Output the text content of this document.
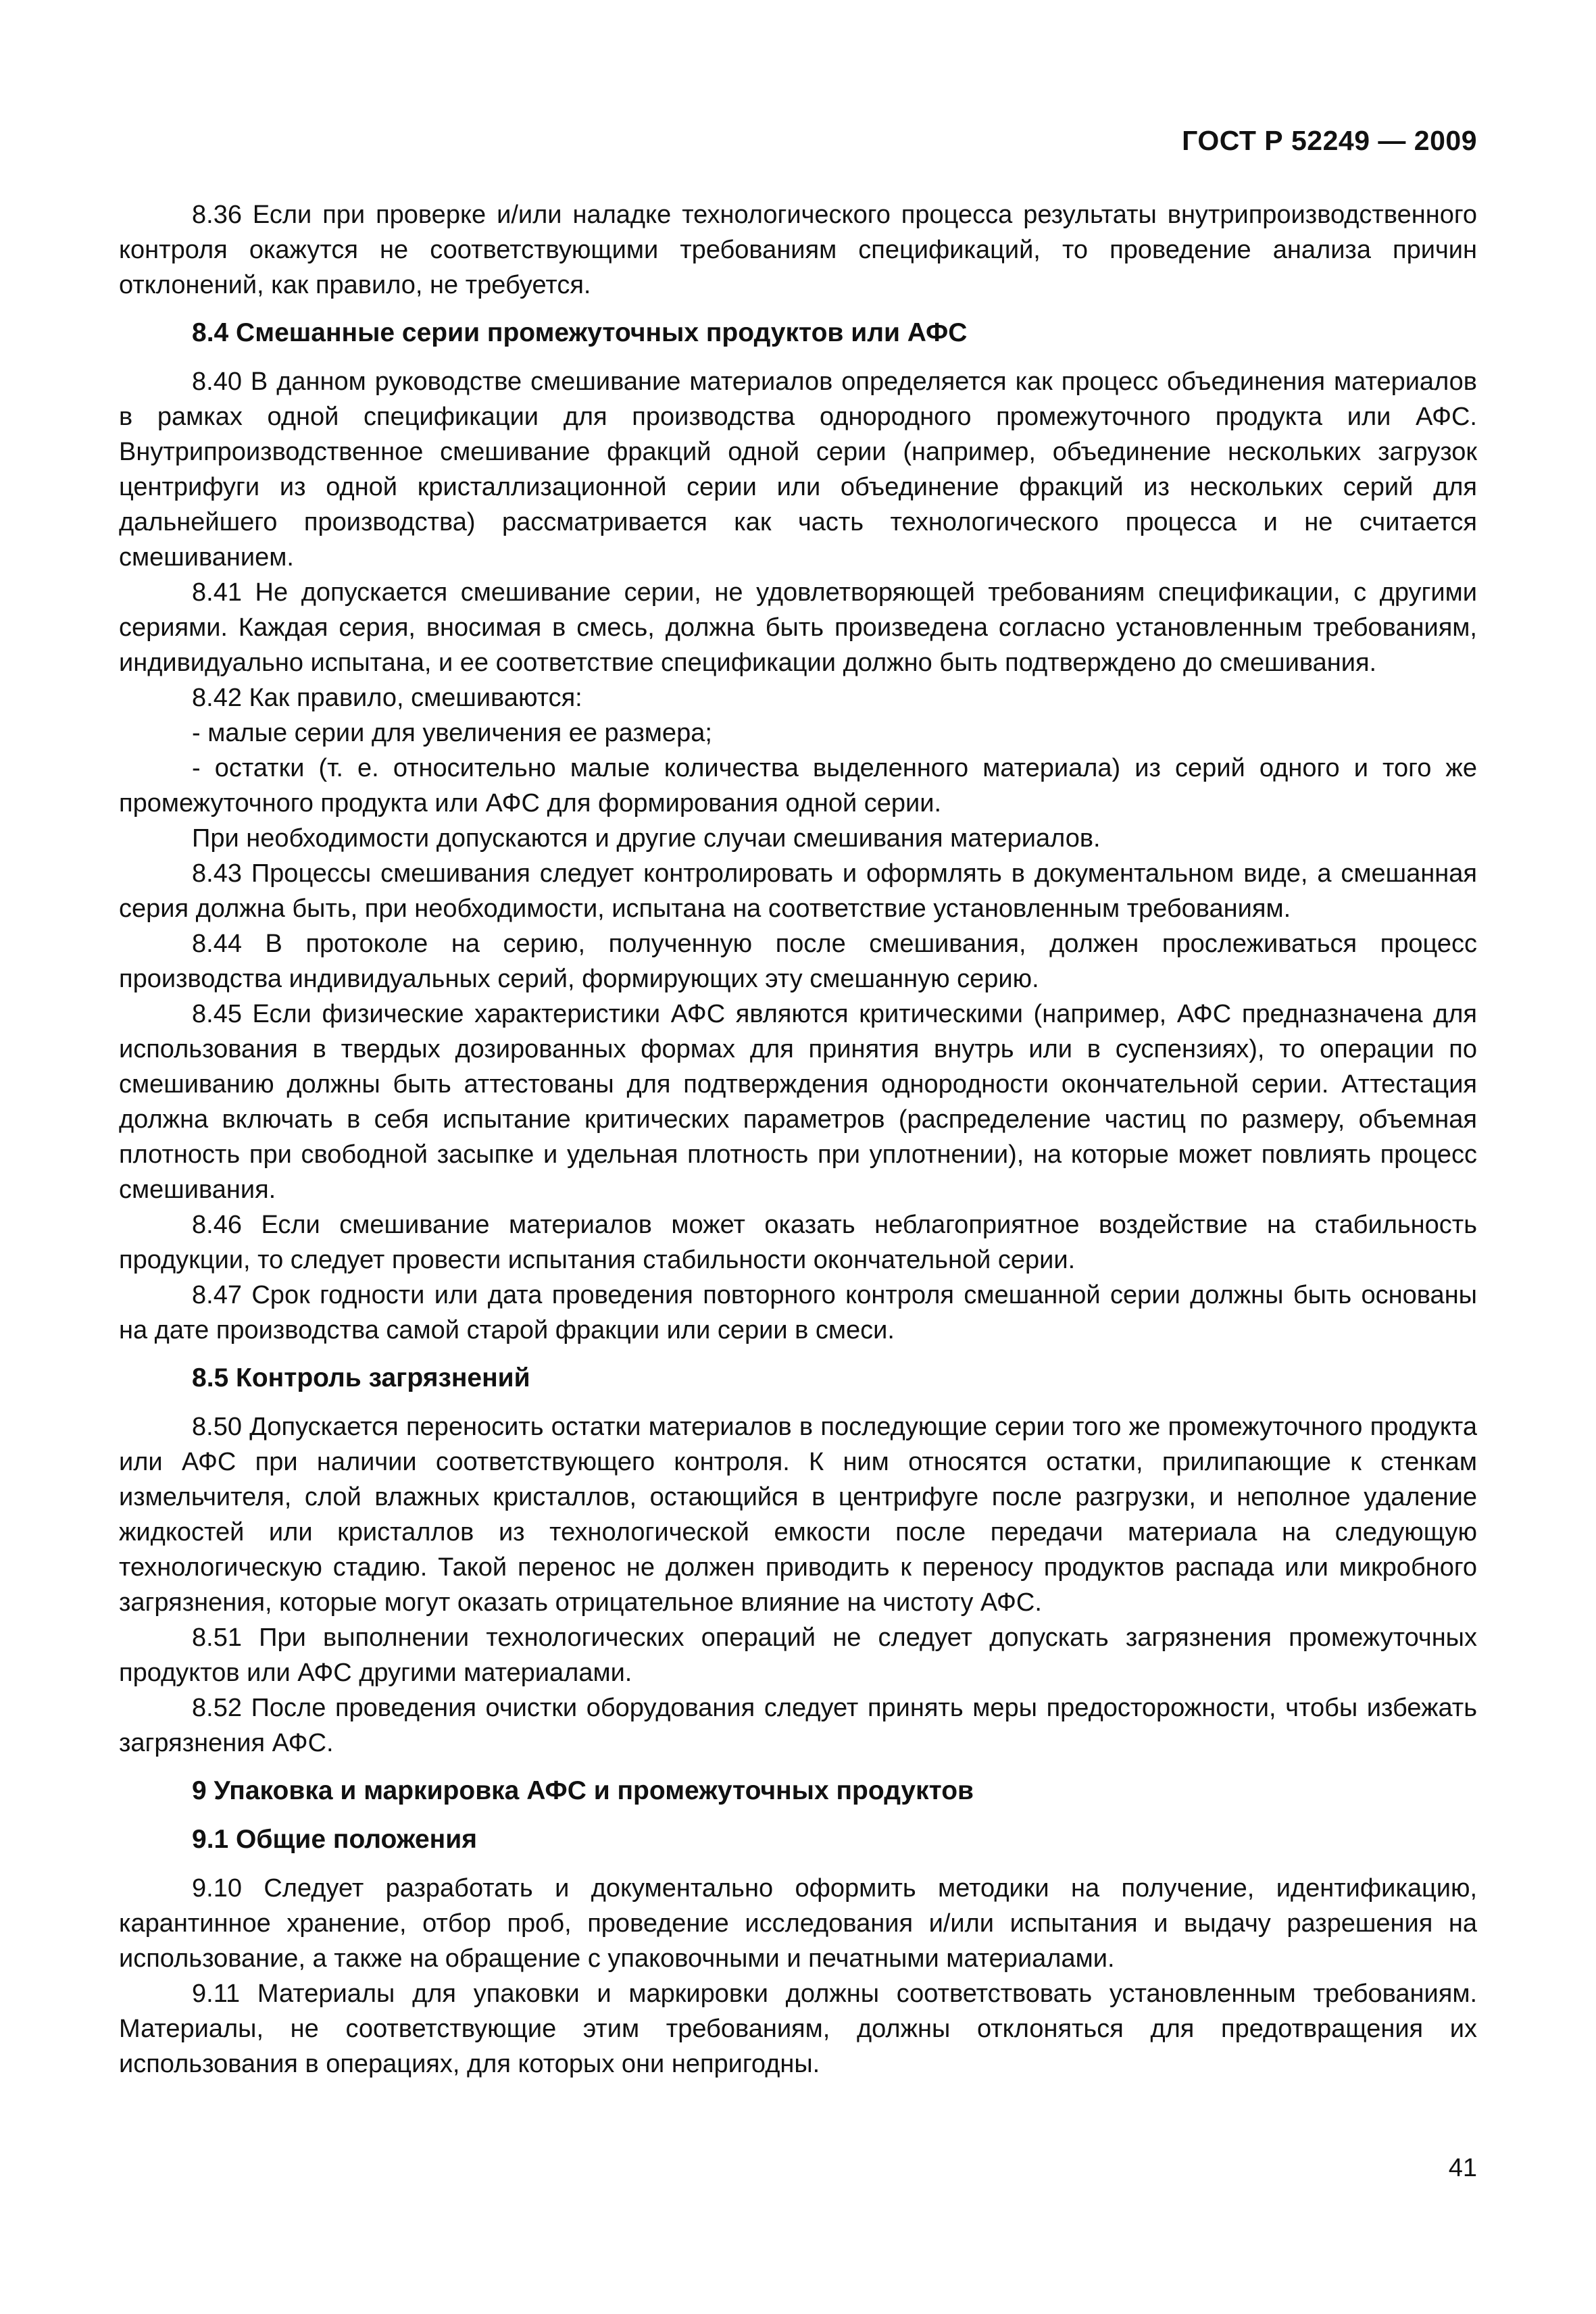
ГОСТ Р 52249 — 2009

8.36 Если при проверке и/или наладке технологического процесса результаты внутрипроизводственного контроля окажутся не соответствующими требованиям спецификаций, то проведение анализа причин отклонений, как правило, не требуется.

8.4 Смешанные серии промежуточных продуктов или АФС

8.40 В данном руководстве смешивание материалов определяется как процесс объединения материалов в рамках одной спецификации для производства однородного промежуточного продукта или АФС. Внутрипроизводственное смешивание фракций одной серии (например, объединение нескольких загрузок центрифуги из одной кристаллизационной серии или объединение фракций из нескольких серий для дальнейшего производства) рассматривается как часть технологического процесса и не считается смешиванием.

8.41 Не допускается смешивание серии, не удовлетворяющей требованиям спецификации, с другими сериями. Каждая серия, вносимая в смесь, должна быть произведена согласно установленным требованиям, индивидуально испытана, и ее соответствие спецификации должно быть подтверждено до смешивания.

8.42 Как правило, смешиваются:

- малые серии для увеличения ее размера;

- остатки (т. е. относительно малые количества выделенного материала) из серий одного и того же промежуточного продукта или АФС для формирования одной серии.

При необходимости допускаются и другие случаи смешивания материалов.

8.43 Процессы смешивания следует контролировать и оформлять в документальном виде, а смешанная серия должна быть, при необходимости, испытана на соответствие установленным требованиям.

8.44 В протоколе на серию, полученную после смешивания, должен прослеживаться процесс производства индивидуальных серий, формирующих эту смешанную серию.

8.45 Если физические характеристики АФС являются критическими (например, АФС предназначена для использования в твердых дозированных формах для принятия внутрь или в суспензиях), то операции по смешиванию должны быть аттестованы для подтверждения однородности окончательной серии. Аттестация должна включать в себя испытание критических параметров (распределение частиц по размеру, объемная плотность при свободной засыпке и удельная плотность при уплотнении), на которые может повлиять процесс смешивания.

8.46 Если смешивание материалов может оказать неблагоприятное воздействие на стабильность продукции, то следует провести испытания стабильности окончательной серии.

8.47 Срок годности или дата проведения повторного контроля смешанной серии должны быть основаны на дате производства самой старой фракции или серии в смеси.

8.5 Контроль загрязнений

8.50 Допускается переносить остатки материалов в последующие серии того же промежуточного продукта или АФС при наличии соответствующего контроля. К ним относятся остатки, прилипающие к стенкам измельчителя, слой влажных кристаллов, остающийся в центрифуге после разгрузки, и неполное удаление жидкостей или кристаллов из технологической емкости после передачи материала на следующую технологическую стадию. Такой перенос не должен приводить к переносу продуктов распада или микробного загрязнения, которые могут оказать отрицательное влияние на чистоту АФС.

8.51 При выполнении технологических операций не следует допускать загрязнения промежуточных продуктов или АФС другими материалами.

8.52 После проведения очистки оборудования следует принять меры предосторожности, чтобы избежать загрязнения АФС.

9 Упаковка и маркировка АФС и промежуточных продуктов

9.1 Общие положения

9.10 Следует разработать и документально оформить методики на получение, идентификацию, карантинное хранение, отбор проб, проведение исследования и/или испытания и выдачу разрешения на использование, а также на обращение с упаковочными и печатными материалами.

9.11 Материалы для упаковки и маркировки должны соответствовать установленным требованиям. Материалы, не соответствующие этим требованиям, должны отклоняться для предотвращения их использования в операциях, для которых они непригодны.

41
